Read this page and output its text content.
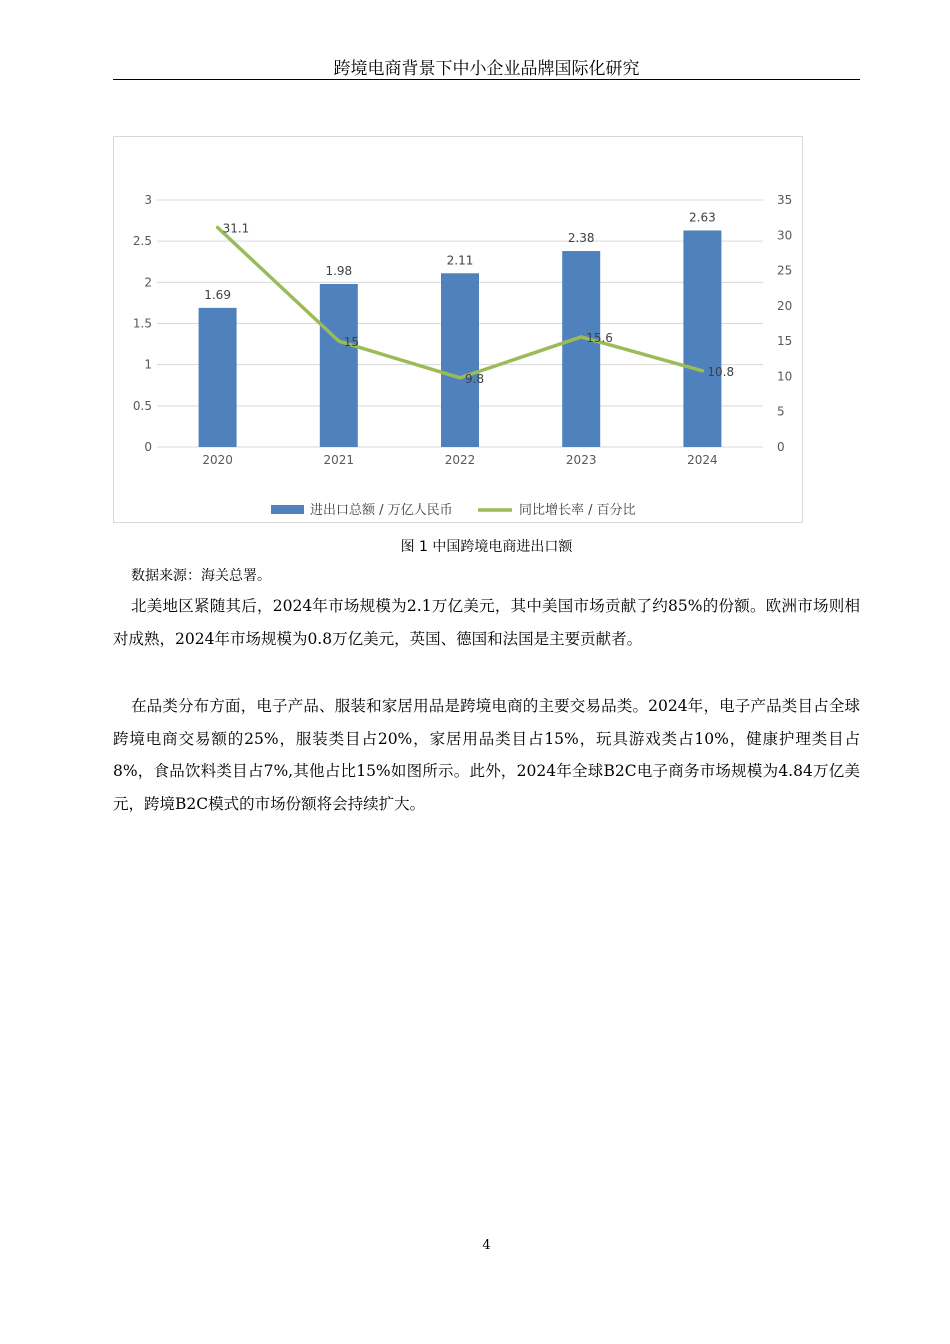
跨境电商背景下中小企业品牌国际化研究
1.69
1.98
2.11
2.38
2.63
31.1
15
9.8
15.6
10.8
0
0.5
1
1.5
2
2.5
3
0
5
10
15
20
25
30
35
2020	2021	2022	2023	2024
进出口总额 / 万亿人民币	同比增长率 / 百分比
图 1 中国跨境电商进出口额
数据来源：海关总署。

北美地区紧随其后，2024年市场规模为2.1万亿美元，其中美国市场贡献了约85%的份额。欧洲市场则相对成熟，2024年市场规模为0.8万亿美元，英国、德国和法国是主要贡献者。

在品类分布方面，电子产品、服装和家居用品是跨境电商的主要交易品类。2024年，电子产品类目占全球跨境电商交易额的25%，服装类目占20%，家居用品类目占15%，玩具游戏类占10%，健康护理类目占8%，食品饮料类目占7%,其他占比15%如图所示。此外，2024年全球B2C电子商务市场规模为4.84万亿美元，跨境B2C模式的市场份额将会持续扩大。

4
